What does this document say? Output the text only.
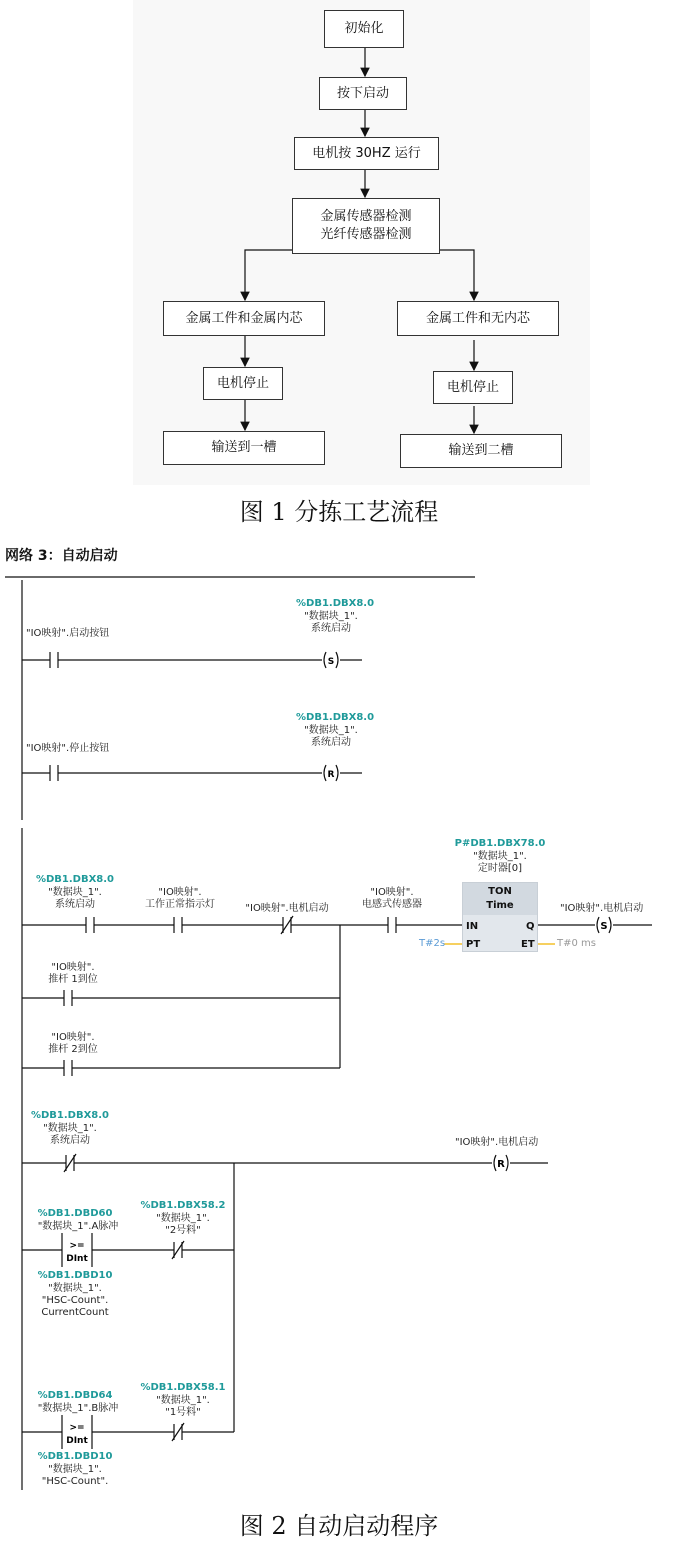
初始化
按下启动
电机按 30HZ 运行
金属传感器检测
光纤传感器检测
金属工件和金属内芯	金属工件和无内芯
电机停止	电机停止
输送到一槽	输送到二槽
图 1 分拣工艺流程
网络 3：自动启动
S
R
S
R
>=
DInt
>=
DInt
"IO映射".启动按钮
%DB1.DBX8.0
"数据块_1".
系统启动
"IO映射".停止按钮
%DB1.DBX8.0
"数据块_1".
系统启动
%DB1.DBX8.0
"数据块_1".
系统启动
"IO映射".
工作正常指示灯	"IO映射".电机启动
"IO映射".
电感式传感器
P#DB1.DBX78.0
"数据块_1".
定时器[0]
TON
Time
IN
PT
Q
ET
T#2s	T#0 ms
"IO映射".电机启动
"IO映射".
推杆 1到位
"IO映射".
推杆 2到位
%DB1.DBX8.0
"数据块_1".
系统启动	"IO映射".电机启动
%DB1.DBD60
"数据块_1".A脉冲
%DB1.DBD10
"数据块_1".
"HSC-Count".
CurrentCount
%DB1.DBX58.2
"数据块_1".
"2号料"
%DB1.DBD64
"数据块_1".B脉冲
%DB1.DBD10
"数据块_1".
"HSC-Count".
%DB1.DBX58.1
"数据块_1".
"1号料"
图 2 自动启动程序
